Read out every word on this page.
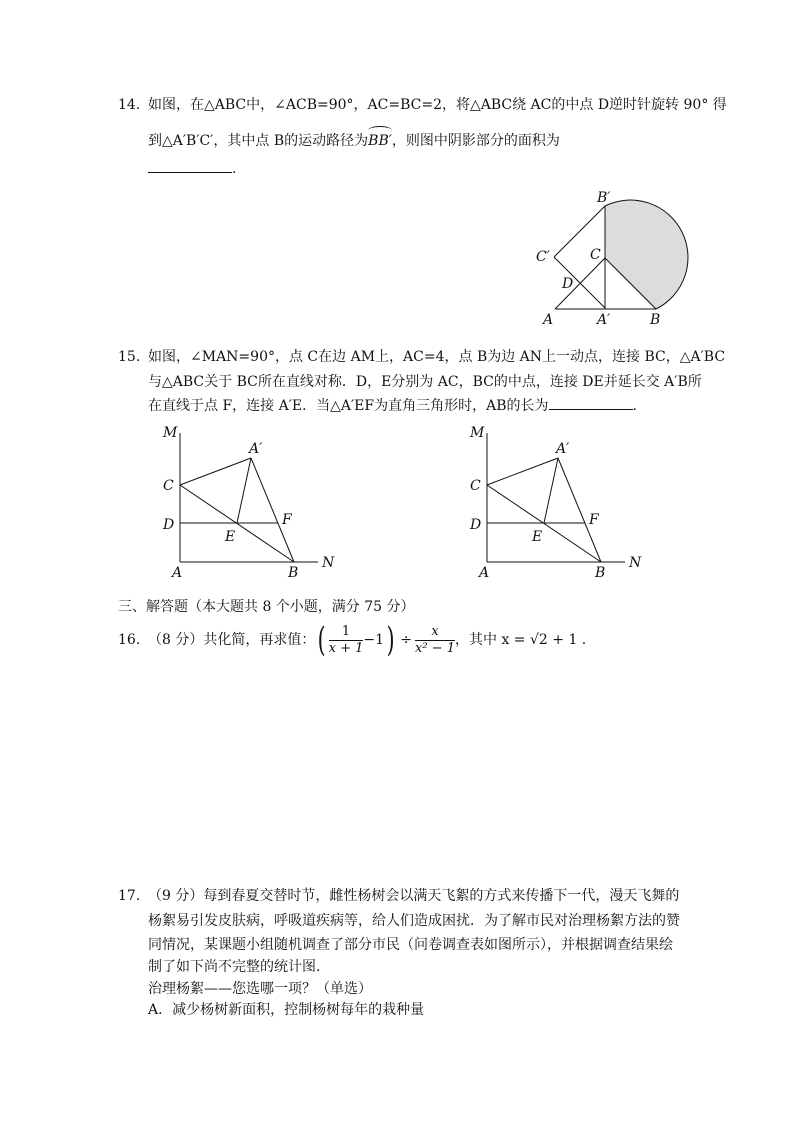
14. 如图，在△ABC中，∠ACB=90°，AC=BC=2，将△ABC绕 AC的中点 D逆时针旋转 90° 得
到△A′B′C′，其中点 B的运动路径为
BB′，则图中阴影部分的面积为
.
B′
C′	C
D
A	A′	B
15. 如图，∠MAN=90°，点 C在边 AM上，AC=4，点 B为边 AN上一动点，连接 BC，△A′BC
与△ABC关于 BC所在直线对称．D，E分别为 AC，BC的中点，连接 DE并延长交 A′B所
在直线于点 F，连接 A′E．当△A′EF为直角三角形时，AB的长为	.
M
A′
C
D	F
E
A	B
N
M
A′
C
D	F
E
A	B
N
三、解答题（本大题共 8 个小题，满分 75 分）
16. （8 分）共化简，再求值： ( $\frac{1}{x + 1} -1$ ) ÷ $\frac{x}{\text{x² − 1}}$ ，其中 x = √2 + 1 .
17. （9 分）每到春夏交替时节，雌性杨树会以满天飞絮的方式来传播下一代，漫天飞舞的
杨絮易引发皮肤病，呼吸道疾病等，给人们造成困扰．为了解市民对治理杨絮方法的赞
同情况，某课题小组随机调查了部分市民（问卷调查表如图所示），并根据调查结果绘
制了如下尚不完整的统计图．
治理杨絮——您选哪一项？（单选）
A．减少杨树新面积，控制杨树每年的栽种量
